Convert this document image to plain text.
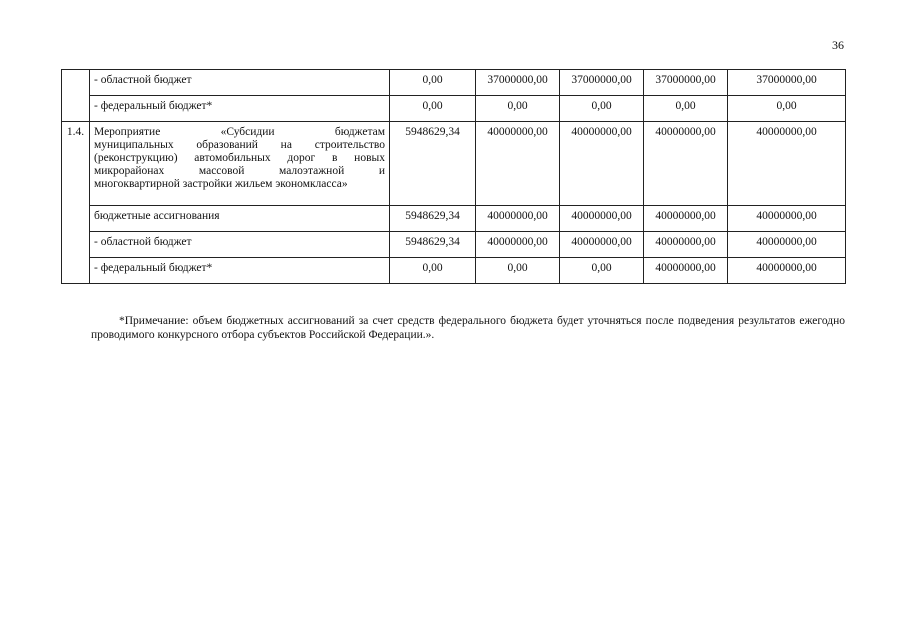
36
	- областной бюджет	0,00	37000000,00	37000000,00	37000000,00	37000000,00
	- федеральный бюджет*	0,00	0,00	0,00	0,00	0,00
1.4.	Мероприятие «Субсидии бюджетам
муниципальных образований на строительство
(реконструкцию) автомобильных дорог в новых
микрорайонах массовой малоэтажной и
многоквартирной застройки жильем экономкласса»	5948629,34	40000000,00	40000000,00	40000000,00	40000000,00
	бюджетные ассигнования	5948629,34	40000000,00	40000000,00	40000000,00	40000000,00
	- областной бюджет	5948629,34	40000000,00	40000000,00	40000000,00	40000000,00
	- федеральный бюджет*	0,00	0,00	0,00	40000000,00	40000000,00

*Примечание: объем бюджетных ассигнований за счет средств федерального бюджета будет уточняться после подведения результатов ежегодно проводимого конкурсного отбора субъектов Российской Федерации.».
